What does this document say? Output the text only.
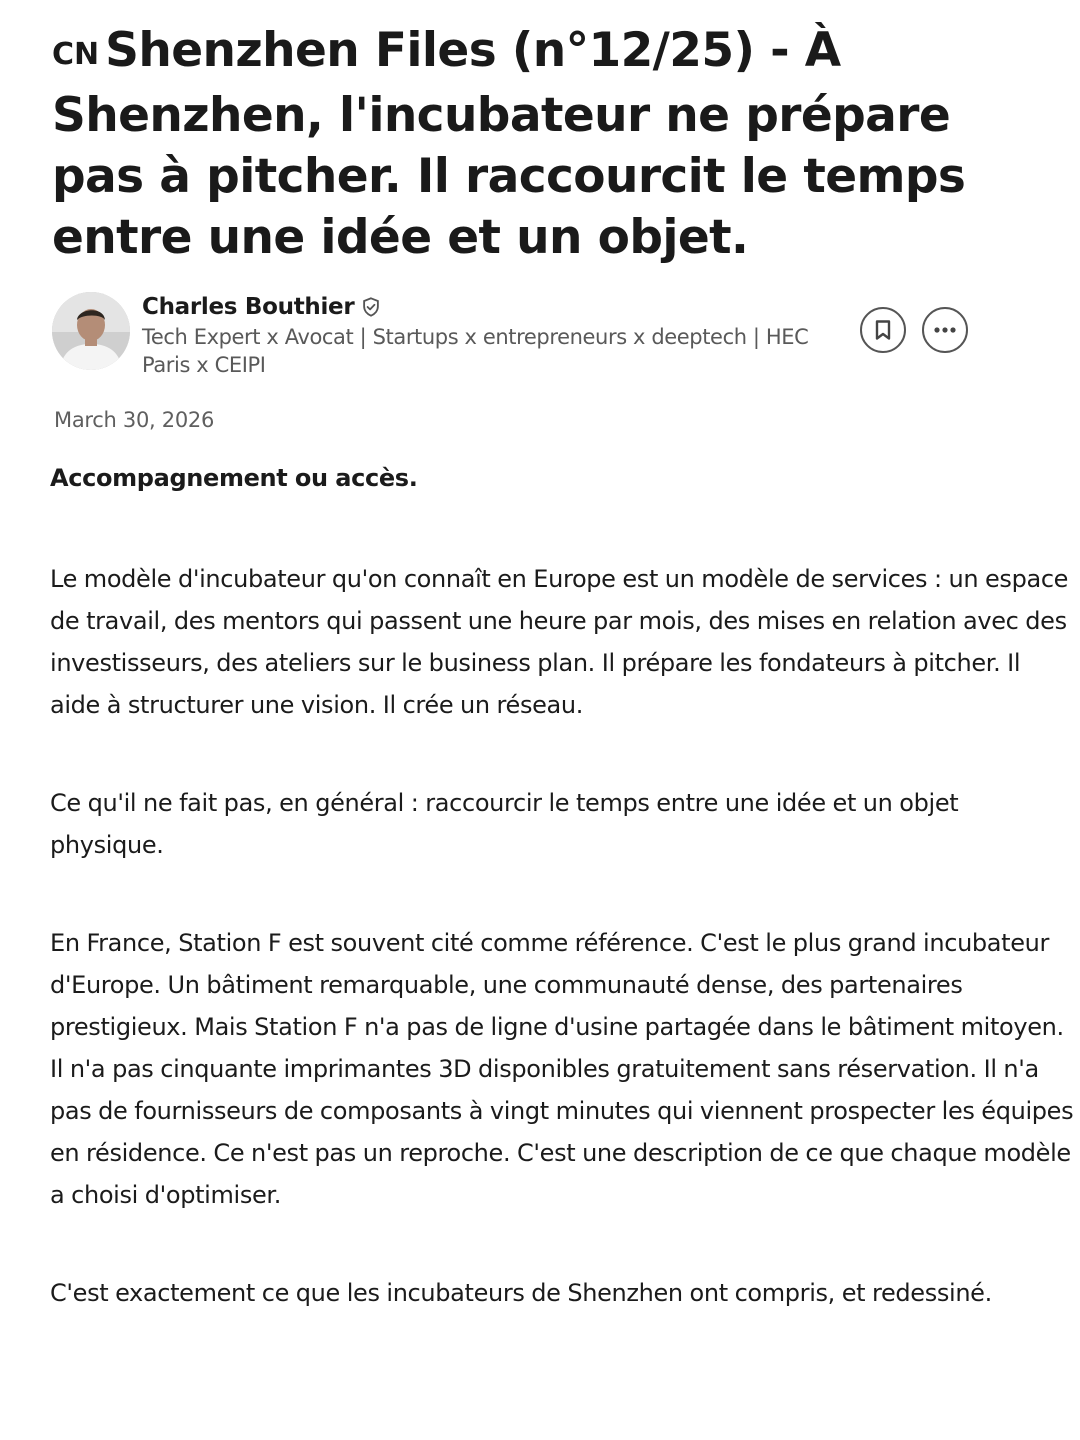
CN Shenzhen Files (n°12/25) - À Shenzhen, l'incubateur ne prépare pas à pitcher. Il raccourcit le temps entre une idée et un objet.
Charles Bouthier
Tech Expert x Avocat | Startups x entrepreneurs x deeptech | HEC Paris x CEIPI
March 30, 2026

Accompagnement ou accès.

Le modèle d'incubateur qu'on connaît en Europe est un modèle de services : un espace de travail, des mentors qui passent une heure par mois, des mises en relation avec des investisseurs, des ateliers sur le business plan. Il prépare les fondateurs à pitcher. Il aide à structurer une vision. Il crée un réseau.

Ce qu'il ne fait pas, en général : raccourcir le temps entre une idée et un objet physique.

En France, Station F est souvent cité comme référence. C'est le plus grand incubateur d'Europe. Un bâtiment remarquable, une communauté dense, des partenaires prestigieux. Mais Station F n'a pas de ligne d'usine partagée dans le bâtiment mitoyen. Il n'a pas cinquante imprimantes 3D disponibles gratuitement sans réservation. Il n'a pas de fournisseurs de composants à vingt minutes qui viennent prospecter les équipes en résidence. Ce n'est pas un reproche. C'est une description de ce que chaque modèle a choisi d'optimiser.

C'est exactement ce que les incubateurs de Shenzhen ont compris, et redessiné.
